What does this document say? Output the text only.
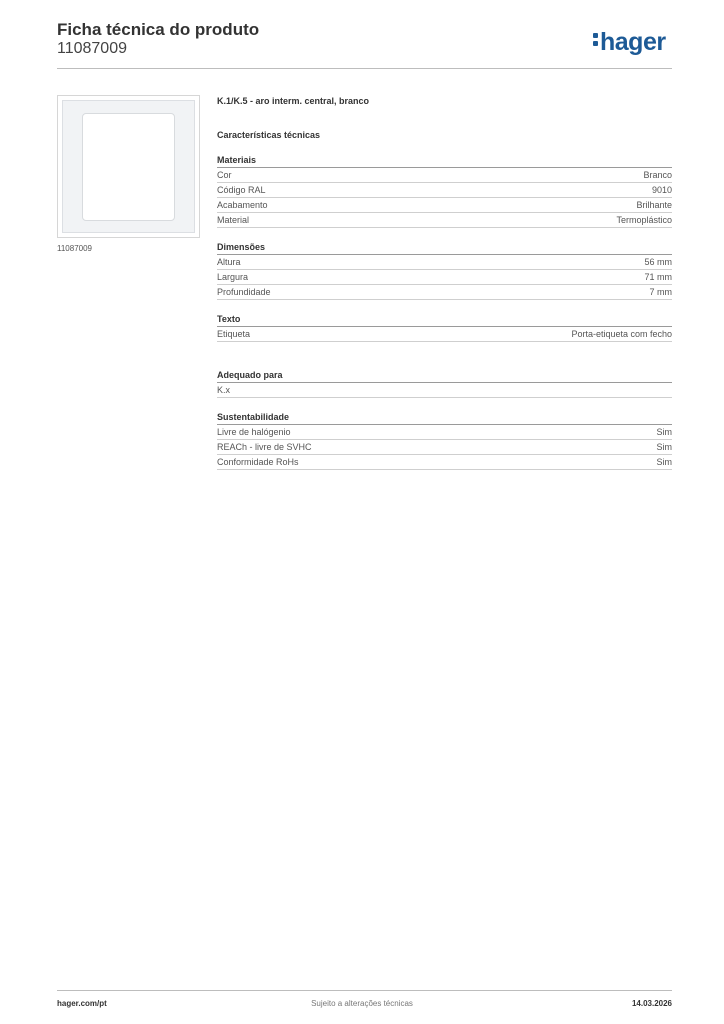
Ficha técnica do produto
11087009	hager
11087009
K.1/K.5 - aro interm. central, branco
Características técnicas
Materiais
Cor	Branco
Código RAL	9010
Acabamento	Brilhante
Material	Termoplástico
Dimensões
Altura	56 mm
Largura	71 mm
Profundidade	7 mm
Texto
Etiqueta	Porta-etiqueta com fecho
Adequado para
K.x
Sustentabilidade
Livre de halógenio	Sim
REACh - livre de SVHC	Sim
Conformidade RoHs	Sim
hager.com/pt	Sujeito a alterações técnicas	14.03.2026
